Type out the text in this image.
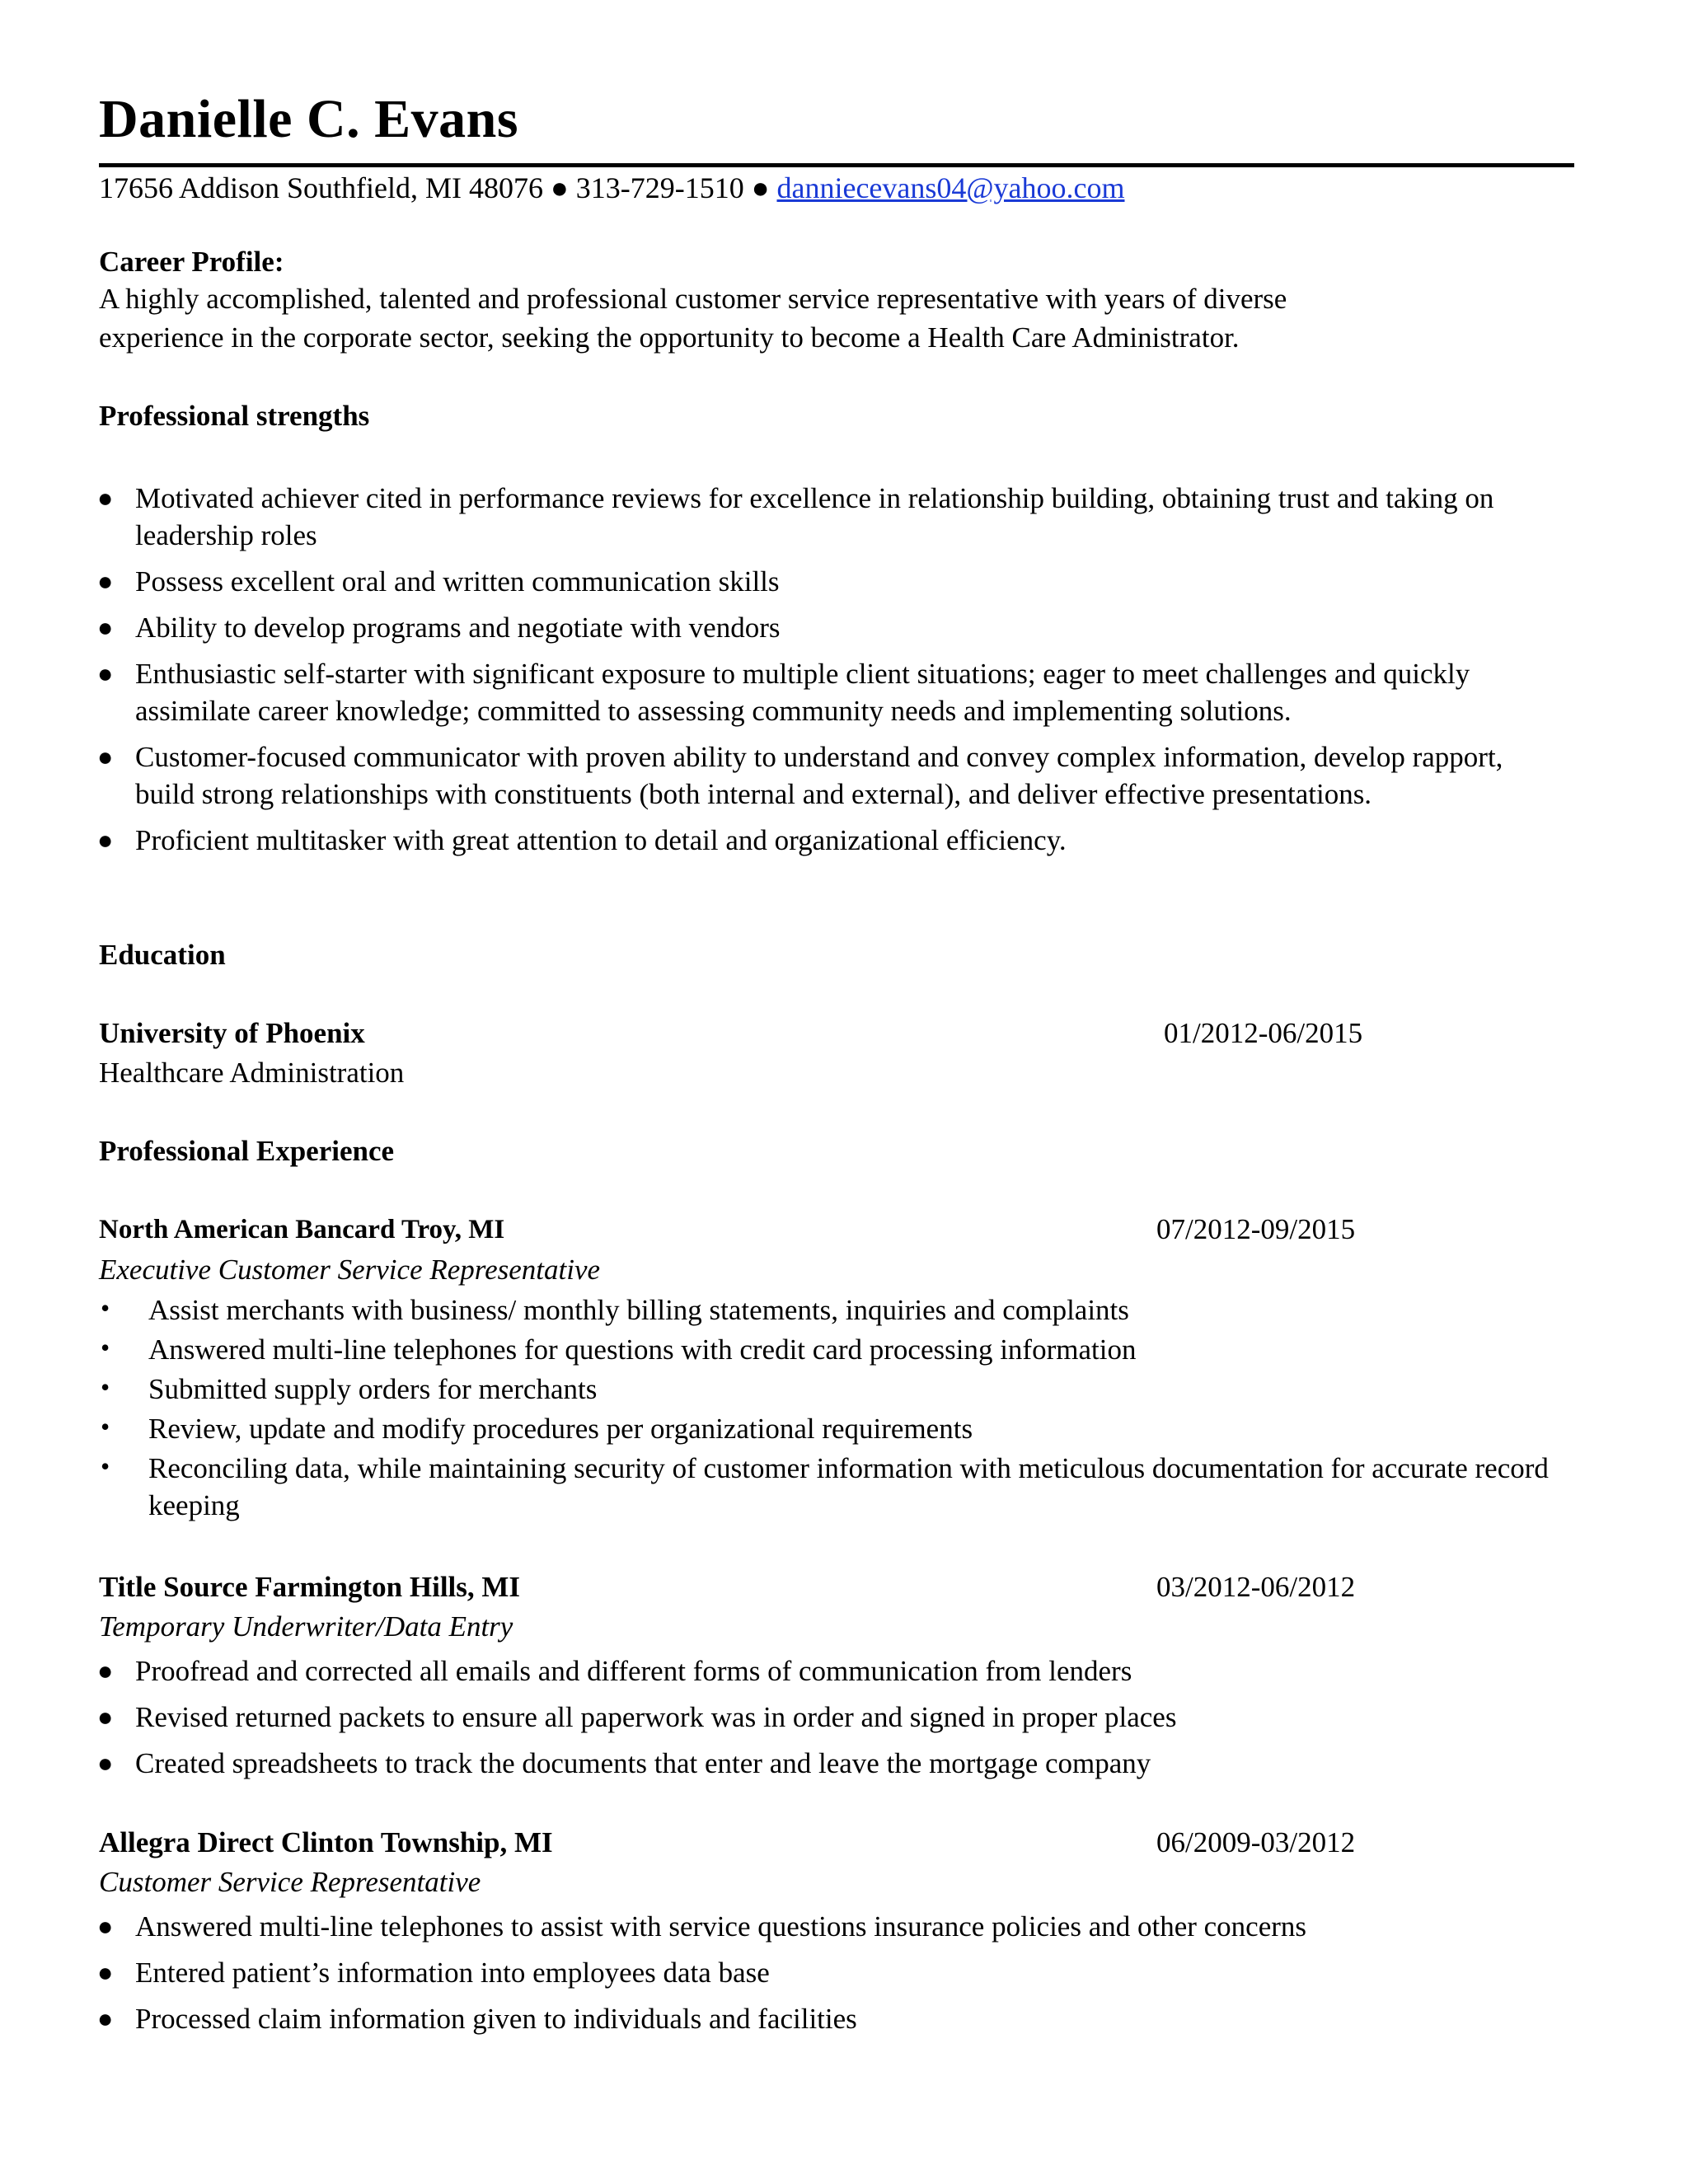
Danielle C. Evans
17656 Addison Southfield, MI 48076 ● 313-729-1510 ● danniecevans04@yahoo.com
Career Profile:
A highly accomplished, talented and professional customer service representative with years of diverse
experience in the corporate sector, seeking the opportunity to become a Health Care Administrator.
Professional strengths
● Motivated achiever cited in performance reviews for excellence in relationship building, obtaining trust and taking on leadership roles
● Possess excellent oral and written communication skills
● Ability to develop programs and negotiate with vendors
● Enthusiastic self-starter with significant exposure to multiple client situations; eager to meet challenges and quickly assimilate career knowledge; committed to assessing community needs and implementing solutions.
● Customer-focused communicator with proven ability to understand and convey complex information, develop rapport, build strong relationships with constituents (both internal and external), and deliver effective presentations.
● Proficient multitasker with great attention to detail and organizational efficiency.
Education
University of Phoenix	01/2012-06/2015
Healthcare Administration
Professional Experience
North American Bancard Troy, MI	07/2012-09/2015
Executive Customer Service Representative
• Assist merchants with business/ monthly billing statements, inquiries and complaints
• Answered multi-line telephones for questions with credit card processing information
• Submitted supply orders for merchants
• Review, update and modify procedures per organizational requirements
• Reconciling data, while maintaining security of customer information with meticulous documentation for accurate record keeping
Title Source Farmington Hills, MI	03/2012-06/2012
Temporary Underwriter/Data Entry
● Proofread and corrected all emails and different forms of communication from lenders
● Revised returned packets to ensure all paperwork was in order and signed in proper places
● Created spreadsheets to track the documents that enter and leave the mortgage company
Allegra Direct Clinton Township, MI	06/2009-03/2012
Customer Service Representative
● Answered multi-line telephones to assist with service questions insurance policies and other concerns
● Entered patient’s information into employees data base
● Processed claim information given to individuals and facilities
